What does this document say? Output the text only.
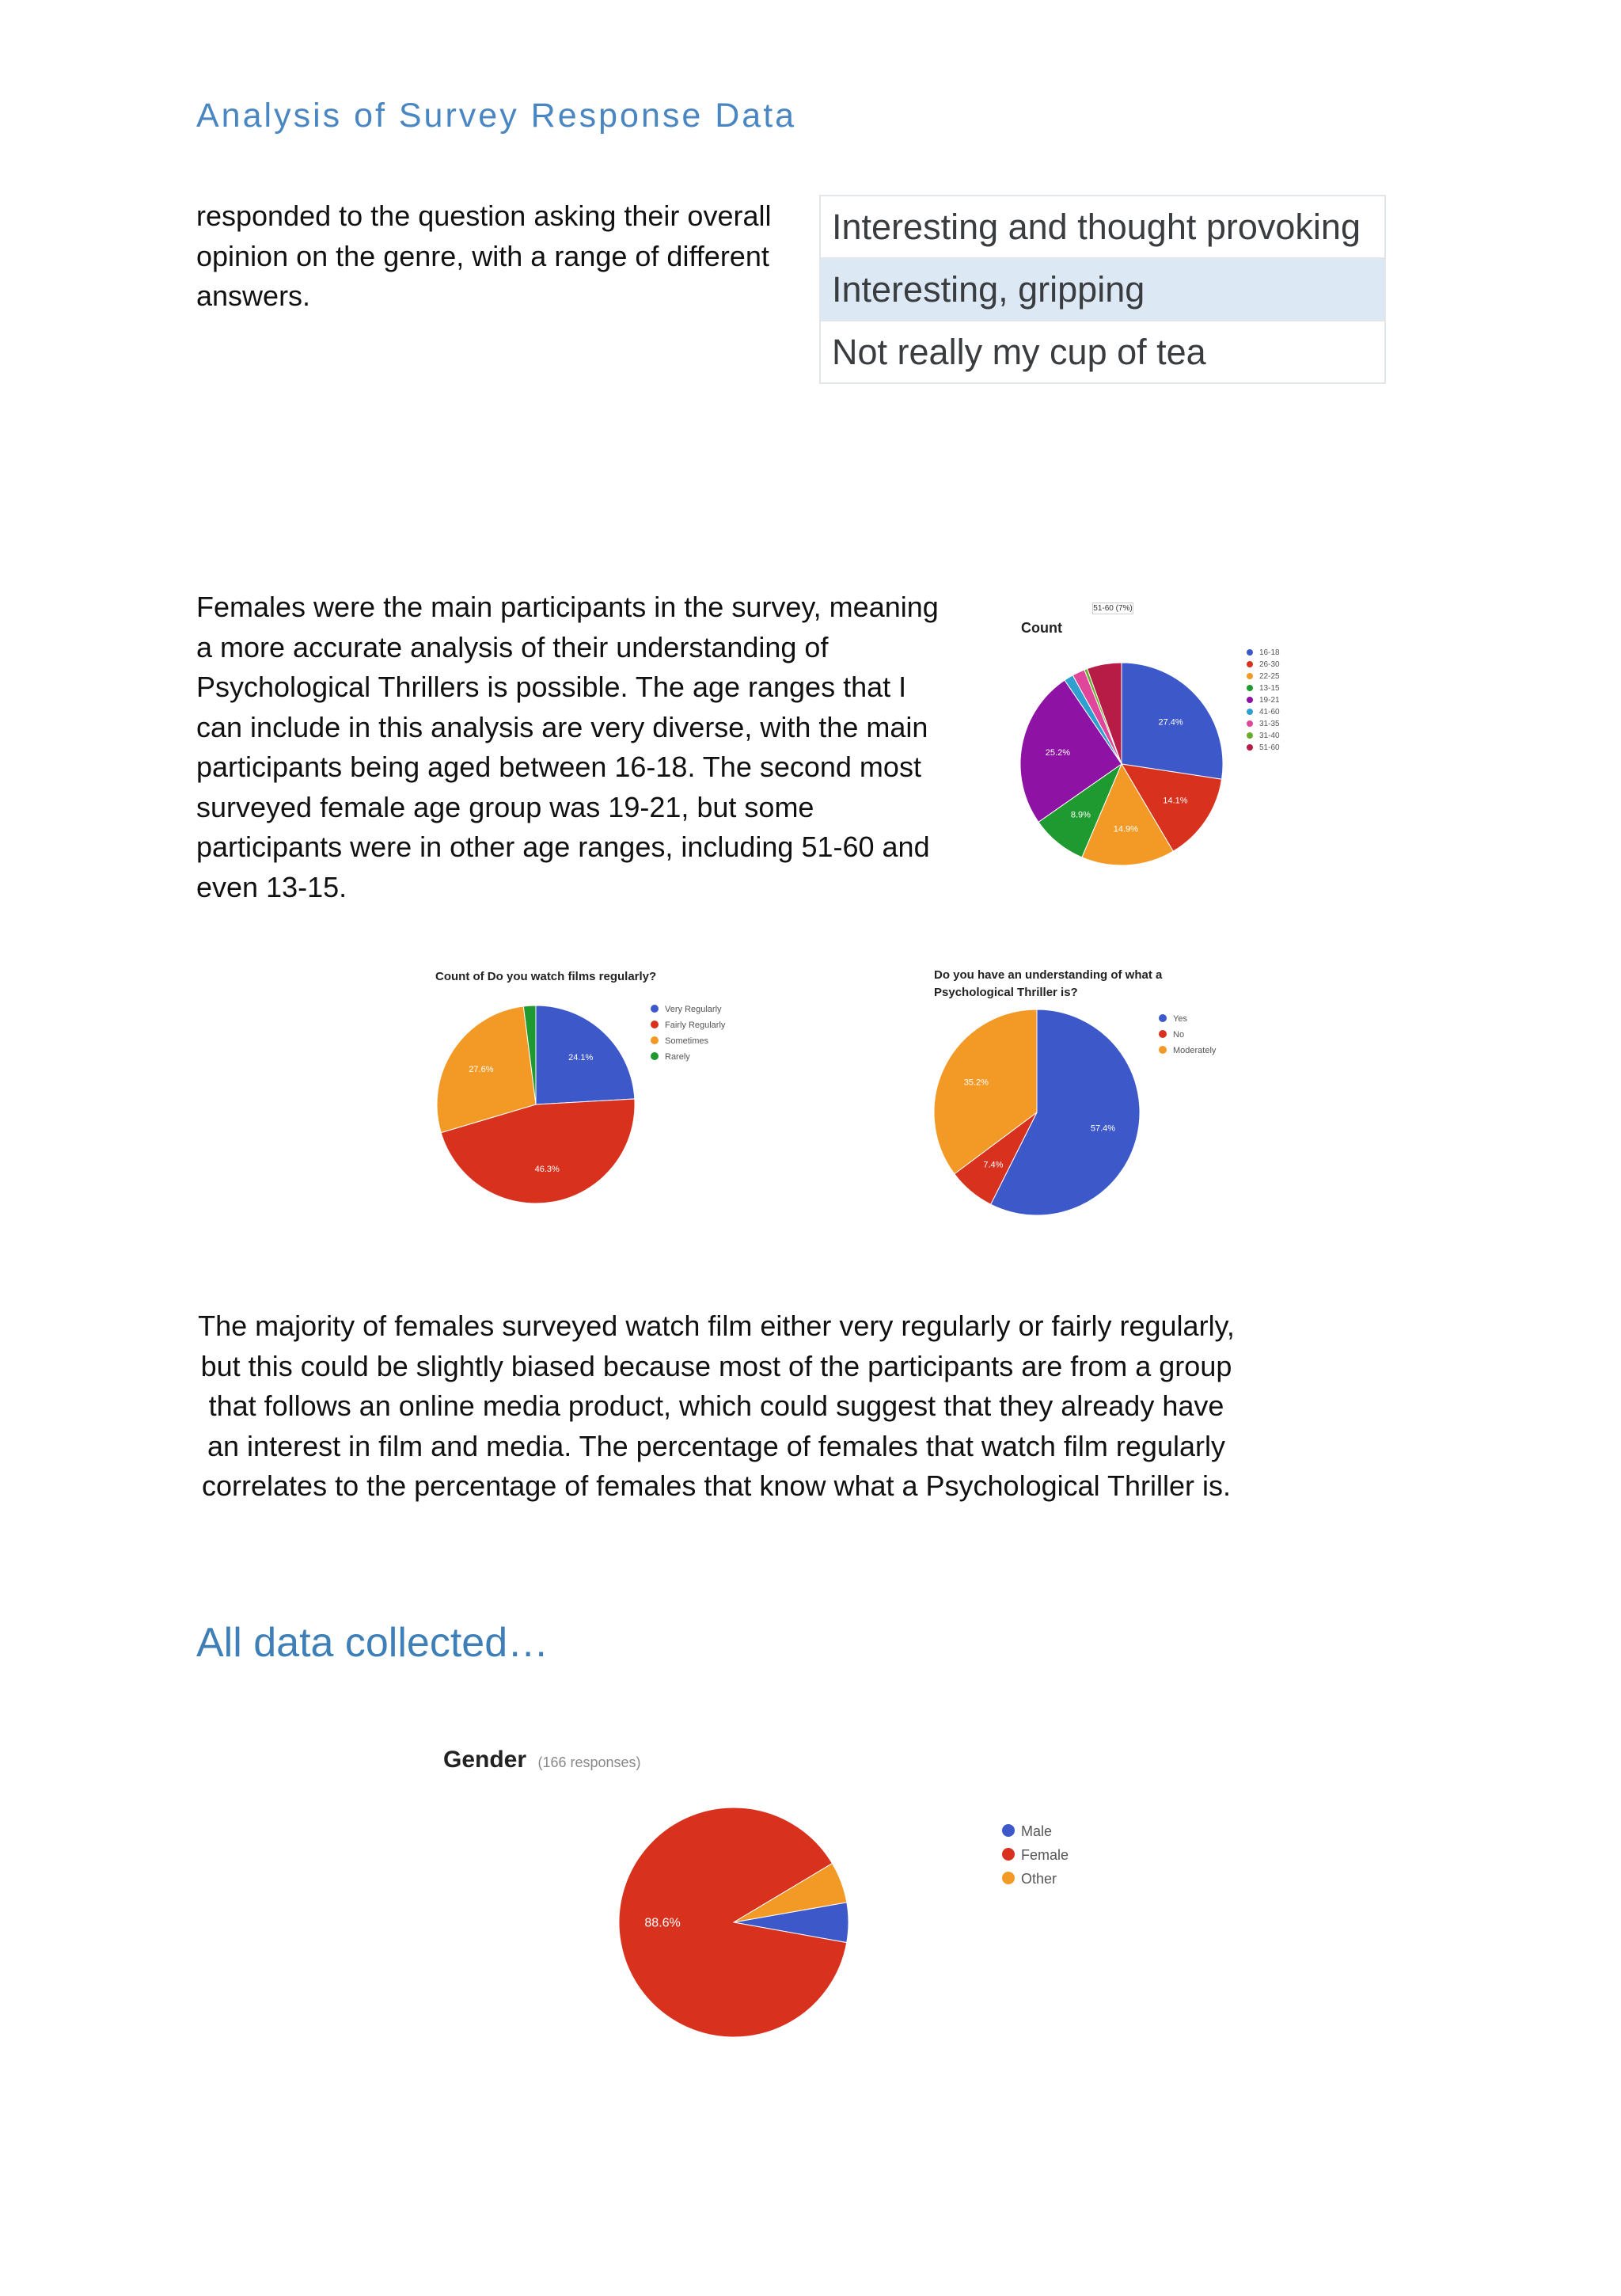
Analysis of Survey Response Data

responded to the question asking their overall opinion on the genre, with a range of different answers.

Interesting and thought provoking
Interesting, gripping
Not really my cup of tea

Females were the main participants in the survey, meaning a more accurate analysis of their understanding of Psychological Thrillers is possible. The age ranges that I can include in this analysis are very diverse, with the main participants being aged between 16-18. The second most surveyed female age group was 19-21, but some participants were in other age ranges, including 51-60 and even 13-15.

Count
51-60 (7%)
27.4%
14.1%
14.9%
8.9%
25.2%
16-18
26-30
22-25
13-15
19-21
41-60
31-35
31-40
51-60
Count of Do you watch films regularly?
24.1%
46.3%
27.6%
Very Regularly
Fairly Regularly
Sometimes
Rarely
Do you have an understanding of what a Psychological Thriller is?
57.4%
7.4%
35.2%
Yes
No
Moderately

The majority of females surveyed watch film either very regularly or fairly regularly, but this could be slightly biased because most of the participants are from a group that follows an online media product, which could suggest that they already have an interest in film and media. The percentage of females that watch film regularly correlates to the percentage of females that know what a Psychological Thriller is.

All data collected…
Gender (166 responses)
88.6%
Male
Female
Other
